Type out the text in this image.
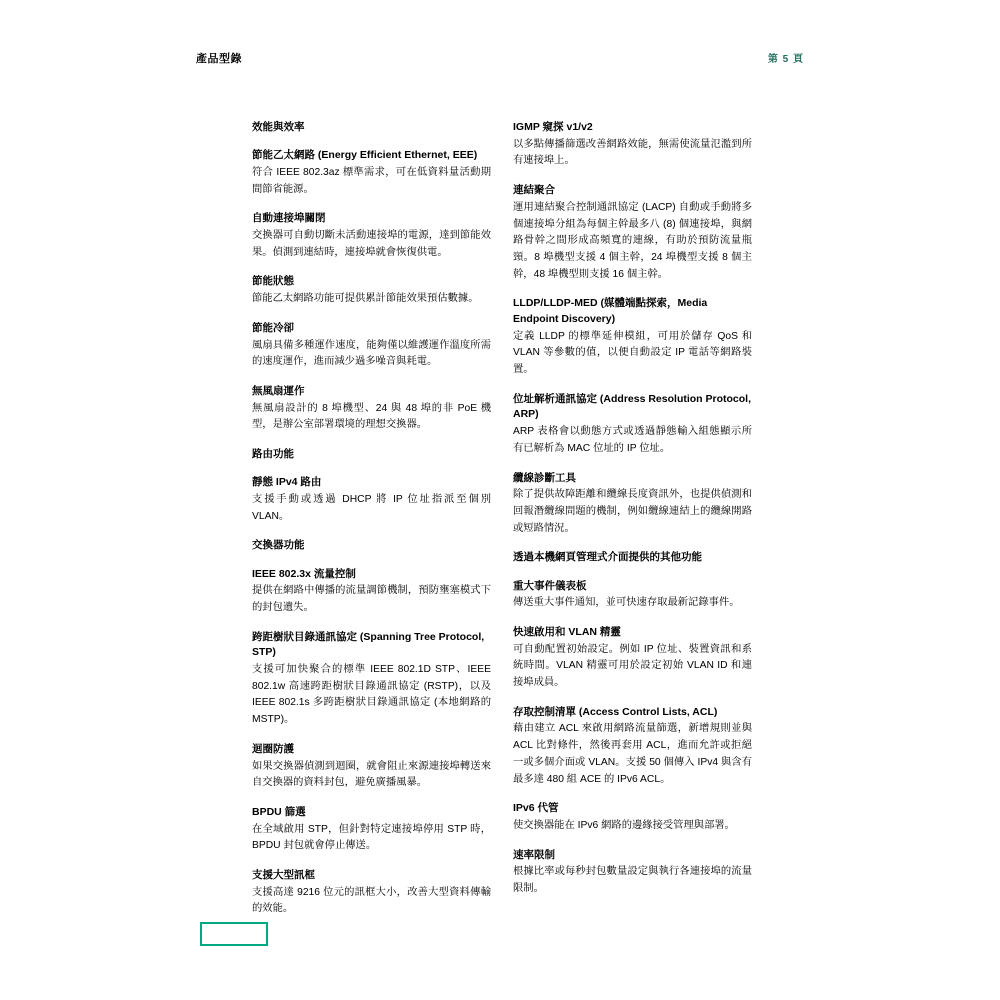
產品型錄	第 5 頁
效能與效率
節能乙太網路 (Energy Efficient Ethernet, EEE)
符合 IEEE 802.3az 標準需求，可在低資料量活動期間節省能源。
自動連接埠關閉
交換器可自動切斷未活動連接埠的電源，達到節能效果。偵測到連結時，連接埠就會恢復供電。
節能狀態
節能乙太網路功能可提供累計節能效果預估數據。
節能冷卻
風扇具備多種運作速度，能夠僅以維護運作溫度所需的速度運作，進而減少過多噪音與耗電。
無風扇運作
無風扇設計的 8 埠機型、24 與 48 埠的非 PoE 機型，是辦公室部署環境的理想交換器。
路由功能
靜態 IPv4 路由
支援手動或透過 DHCP 將 IP 位址指派至個別 VLAN。
交換器功能
IEEE 802.3x 流量控制
提供在網路中傳播的流量調節機制，預防壅塞模式下的封包遺失。
跨距樹狀目錄通訊協定 (Spanning Tree Protocol, STP)
支援可加快聚合的標準 IEEE 802.1D STP、IEEE 802.1w 高速跨距樹狀目錄通訊協定 (RSTP)，以及 IEEE 802.1s 多跨距樹狀目錄通訊協定 (本地網路的 MSTP)。
迴圈防護
如果交換器偵測到迴圈，就會阻止來源連接埠轉送來自交換器的資料封包，避免廣播風暴。
BPDU 篩選
在全域啟用 STP，但針對特定連接埠停用 STP 時，BPDU 封包就會停止傳送。
支援大型訊框
支援高達 9216 位元的訊框大小，改善大型資料傳輸的效能。
IGMP 窺探 v1/v2
以多點傳播篩選改善網路效能，無需使流量氾濫到所有連接埠上。
連結聚合
運用連結聚合控制通訊協定 (LACP) 自動或手動將多個連接埠分組為每個主幹最多八 (8) 個連接埠，與網路骨幹之間形成高頻寬的連線，有助於預防流量瓶頸。8 埠機型支援 4 個主幹，24 埠機型支援 8 個主幹，48 埠機型則支援 16 個主幹。
LLDP/LLDP-MED (媒體端點探索，Media Endpoint Discovery)
定義 LLDP 的標準延伸模組，可用於儲存 QoS 和 VLAN 等參數的值，以便自動設定 IP 電話等網路裝置。
位址解析通訊協定 (Address Resolution Protocol, ARP)
ARP 表格會以動態方式或透過靜態輸入組態顯示所有已解析為 MAC 位址的 IP 位址。
纜線診斷工具
除了提供故障距離和纜線長度資訊外，也提供偵測和回報潛纜線問題的機制，例如纜線連結上的纜線開路或短路情況。
透過本機網頁管理式介面提供的其他功能
重大事件儀表板
傳送重大事件通知，並可快速存取最新記錄事件。
快速啟用和 VLAN 精靈
可自動配置初始設定。例如 IP 位址、裝置資訊和系統時間。VLAN 精靈可用於設定初始 VLAN ID 和連接埠成員。
存取控制清單 (Access Control Lists, ACL)
藉由建立 ACL 來啟用網路流量篩選，新增規則並與 ACL 比對條件，然後再套用 ACL，進而允許或拒絕一或多個介面或 VLAN。支援 50 個傳入 IPv4 與含有最多達 480 組 ACE 的 IPv6 ACL。
IPv6 代管
使交換器能在 IPv6 網路的邊緣接受管理與部署。
速率限制
根據比率或每秒封包數量設定與執行各連接埠的流量限制。
